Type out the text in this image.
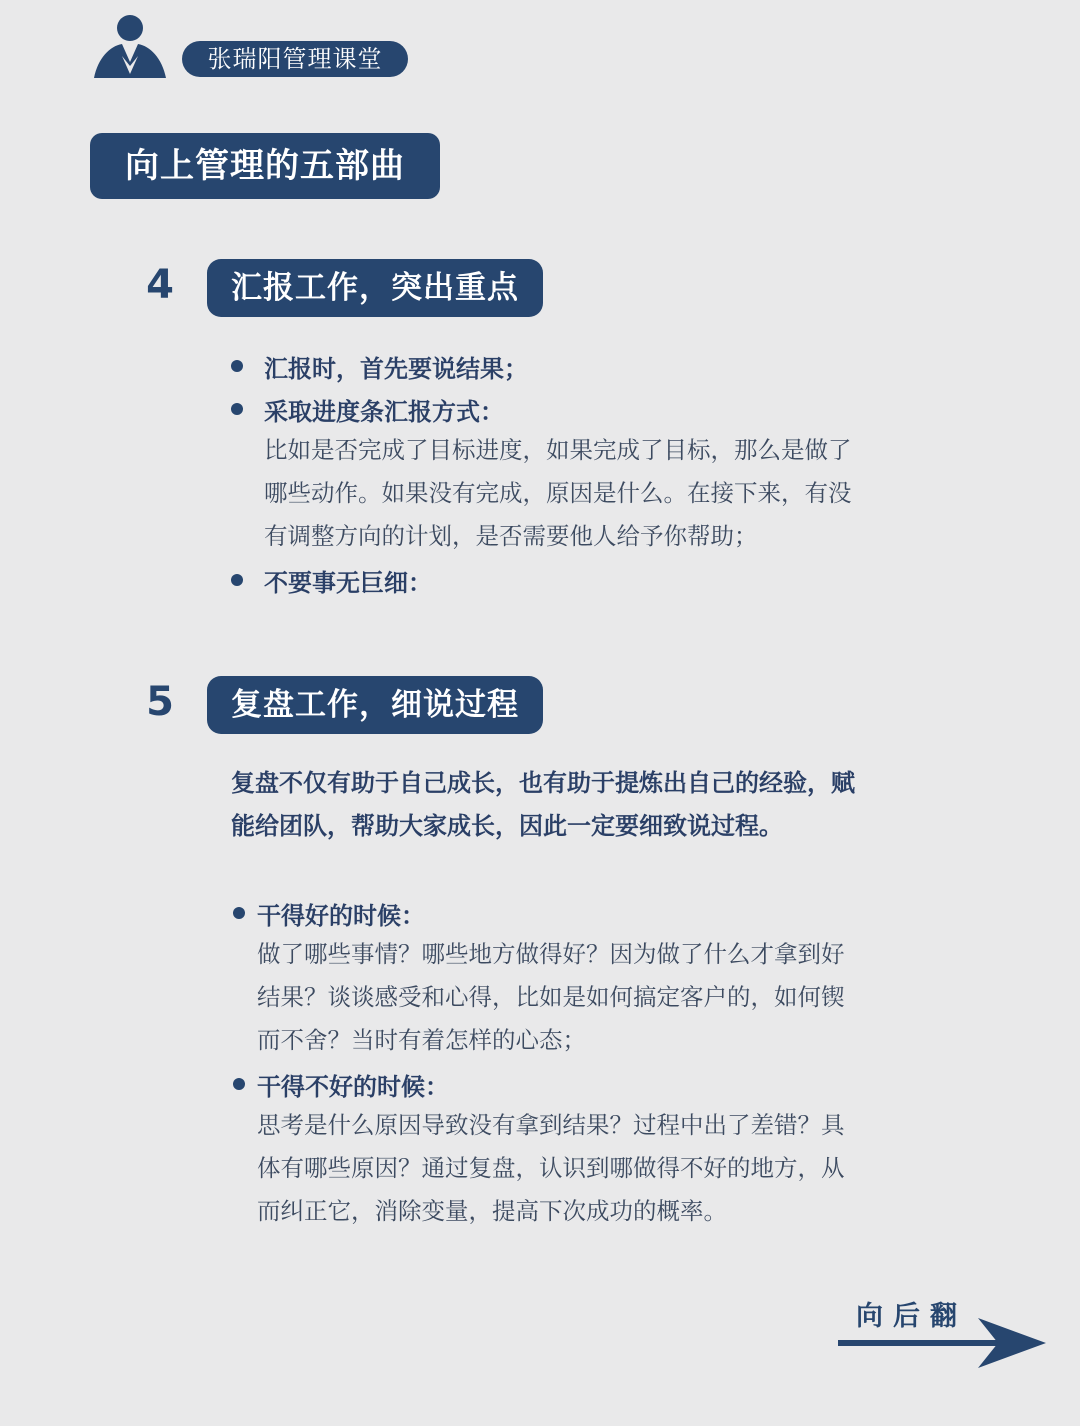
张瑞阳管理课堂
向上管理的五部曲
4	汇报工作，突出重点
汇报时，首先要说结果；
采取进度条汇报方式：
比如是否完成了目标进度，如果完成了目标，那么是做了
哪些动作。如果没有完成，原因是什么。在接下来，有没
有调整方向的计划，是否需要他人给予你帮助；
不要事无巨细：
5	复盘工作，细说过程
复盘不仅有助于自己成长，也有助于提炼出自己的经验，赋
能给团队，帮助大家成长，因此一定要细致说过程。
干得好的时候：
做了哪些事情？哪些地方做得好？因为做了什么才拿到好
结果？谈谈感受和心得，比如是如何搞定客户的，如何锲
而不舍？当时有着怎样的心态；
干得不好的时候：
思考是什么原因导致没有拿到结果？过程中出了差错？具
体有哪些原因？通过复盘，认识到哪做得不好的地方，从
而纠正它，消除变量，提高下次成功的概率。
向后翻
